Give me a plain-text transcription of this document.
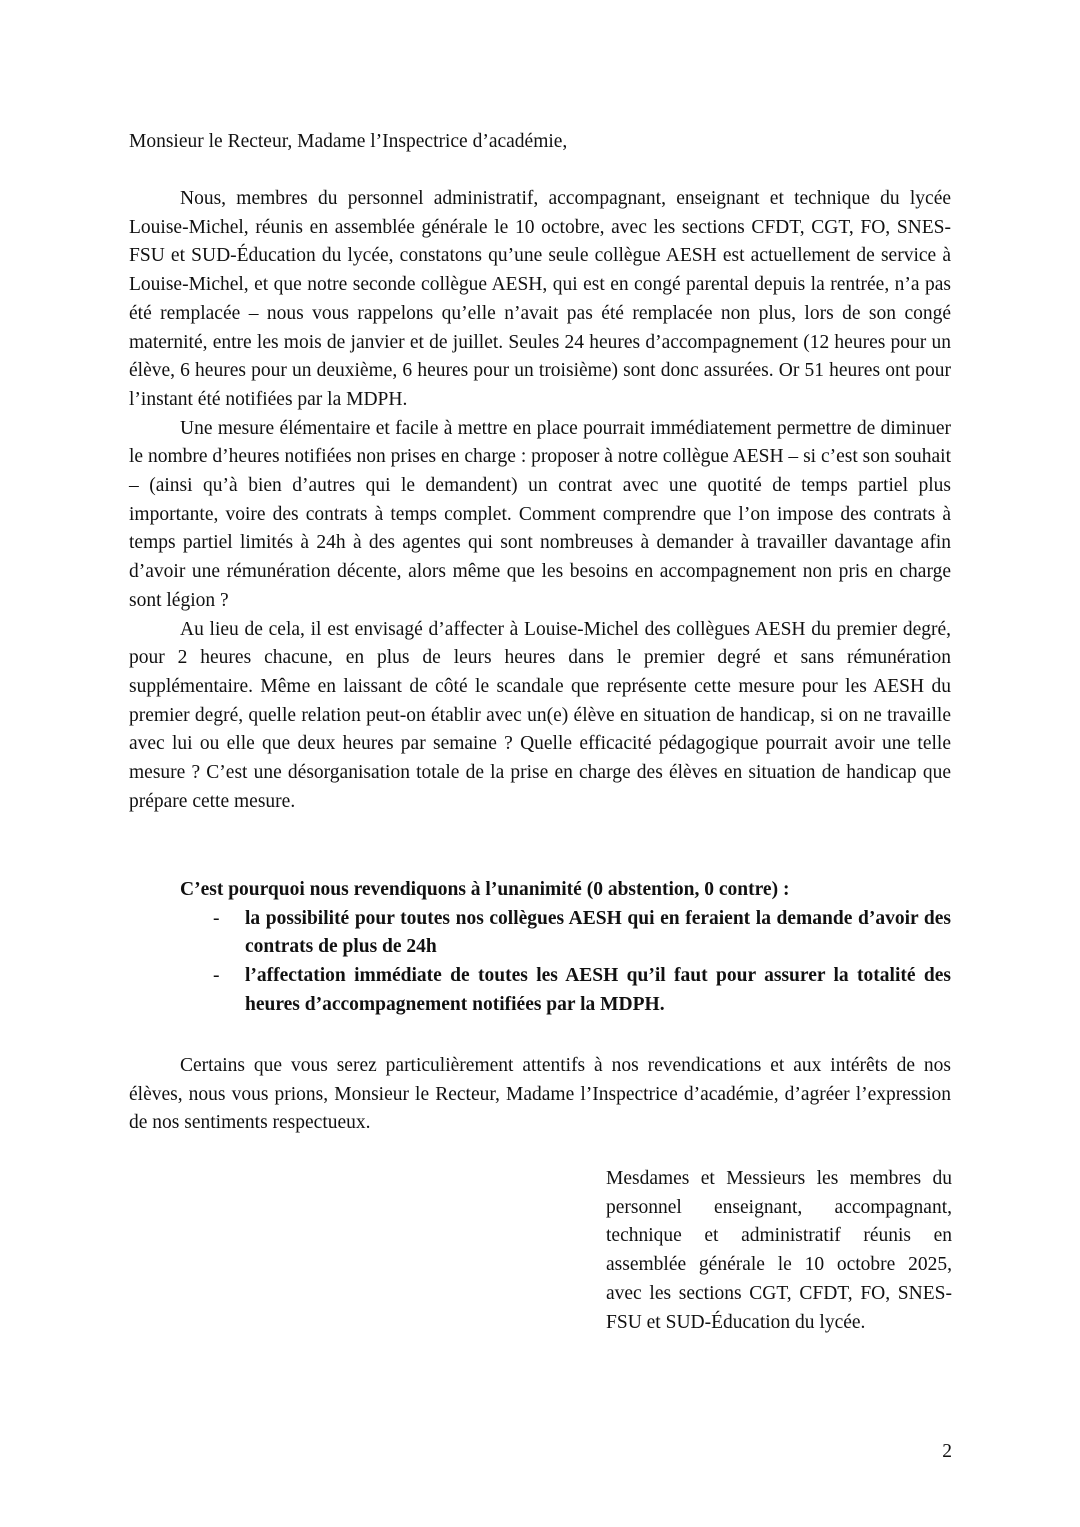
Monsieur le Recteur, Madame l’Inspectrice d’académie,

Nous, membres du personnel administratif, accompagnant, enseignant et technique du lycée Louise-Michel, réunis en assemblée générale le 10 octobre, avec les sections CFDT, CGT, FO, SNES-FSU et SUD-Éducation du lycée, constatons qu’une seule collègue AESH est actuellement de service à Louise-Michel, et que notre seconde collègue AESH, qui est en congé parental depuis la rentrée, n’a pas été remplacée – nous vous rappelons qu’elle n’avait pas été remplacée non plus, lors de son congé maternité, entre les mois de janvier et de juillet. Seules 24 heures d’accompagnement (12 heures pour un élève, 6 heures pour un deuxième, 6 heures pour un troisième) sont donc assurées. Or 51 heures ont pour l’instant été notifiées par la MDPH.

Une mesure élémentaire et facile à mettre en place pourrait immédiatement permettre de diminuer le nombre d’heures notifiées non prises en charge : proposer à notre collègue AESH – si c’est son souhait – (ainsi qu’à bien d’autres qui le demandent) un contrat avec une quotité de temps partiel plus importante, voire des contrats à temps complet. Comment comprendre que l’on impose des contrats à temps partiel limités à 24h à des agentes qui sont nombreuses à demander à travailler davantage afin d’avoir une rémunération décente, alors même que les besoins en accompagnement non pris en charge sont légion ?

Au lieu de cela, il est envisagé d’affecter à Louise-Michel des collègues AESH du premier degré, pour 2 heures chacune, en plus de leurs heures dans le premier degré et sans rémunération supplémentaire. Même en laissant de côté le scandale que représente cette mesure pour les AESH du premier degré, quelle relation peut-on établir avec un(e) élève en situation de handicap, si on ne travaille avec lui ou elle que deux heures par semaine ? Quelle efficacité pédagogique pourrait avoir une telle mesure ? C’est une désorganisation totale de la prise en charge des élèves en situation de handicap que prépare cette mesure.

C’est pourquoi nous revendiquons à l’unanimité (0 abstention, 0 contre) :

- la possibilité pour toutes nos collègues AESH qui en feraient la demande d’avoir des contrats de plus de 24h
- l’affectation immédiate de toutes les AESH qu’il faut pour assurer la totalité des heures d’accompagnement notifiées par la MDPH.

Certains que vous serez particulièrement attentifs à nos revendications et aux intérêts de nos élèves, nous vous prions, Monsieur le Recteur, Madame l’Inspectrice d’académie, d’agréer l’expression de nos sentiments respectueux.

Mesdames et Messieurs les membres du personnel enseignant, accompagnant, technique et administratif réunis en assemblée générale le 10 octobre 2025, avec les sections CGT, CFDT, FO, SNES-FSU et SUD-Éducation du lycée.
2
